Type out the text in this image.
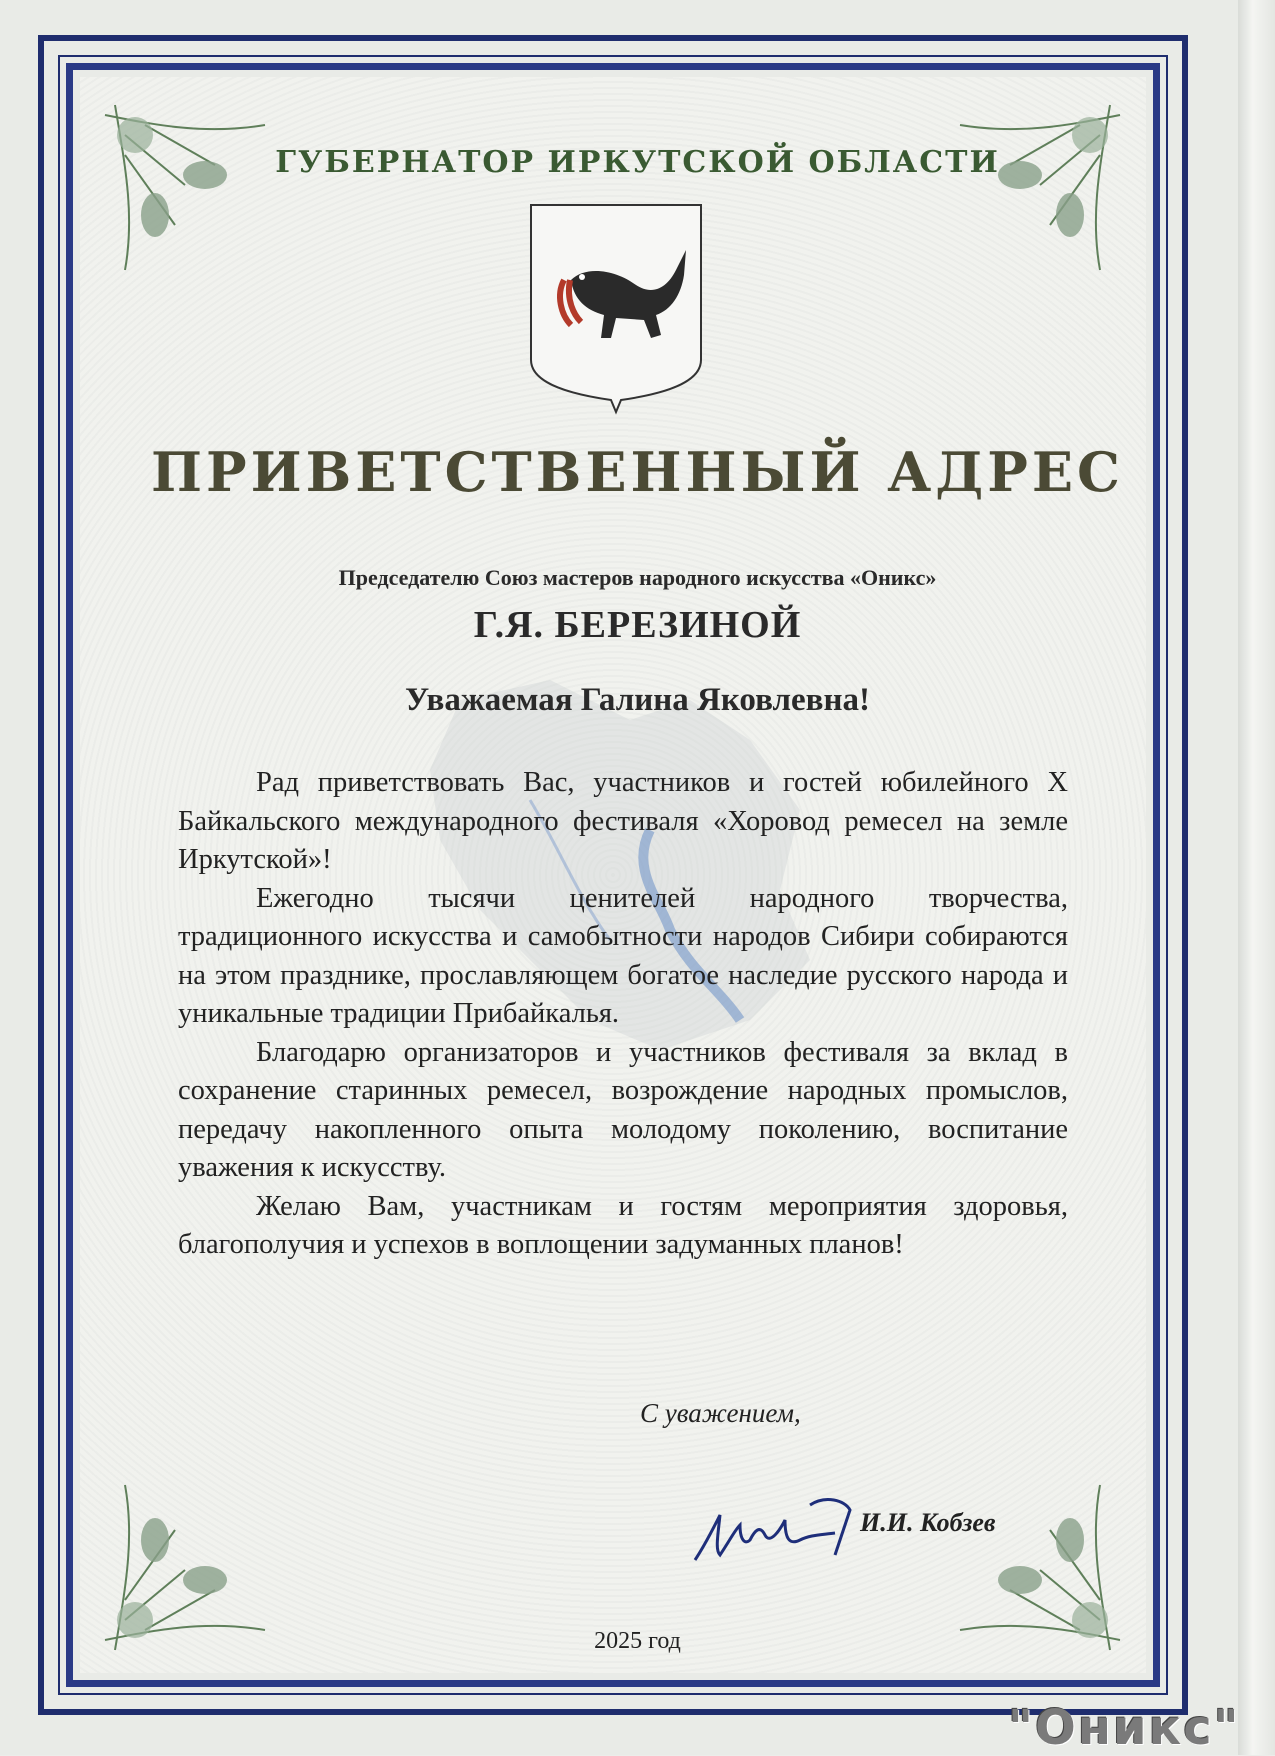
ГУБЕРНАТОР ИРКУТСКОЙ ОБЛАСТИ
ПРИВЕТСТВЕННЫЙ АДРЕС
Председателю Союз мастеров народного искусства «Оникс»
Г.Я. БЕРЕЗИНОЙ
Уважаемая Галина Яковлевна!

Рад приветствовать Вас, участников и гостей юбилейного X Байкальского международного фестиваля «Хоровод ремесел на земле Иркутской»!

Ежегодно тысячи ценителей народного творчества, традиционного искусства и самобытности народов Сибири собираются на этом празднике, прославляющем богатое наследие русского народа и уникальные традиции Прибайкалья.

Благодарю организаторов и участников фестиваля за вклад в сохранение старинных ремесел, возрождение народных промыслов, передачу накопленного опыта молодому поколению, воспитание уважения к искусству.

Желаю Вам, участникам и гостям мероприятия здоровья, благополучия и успехов в воплощении задуманных планов!

С уважением,
И.И. Кобзев
2025 год
"Оникс"
